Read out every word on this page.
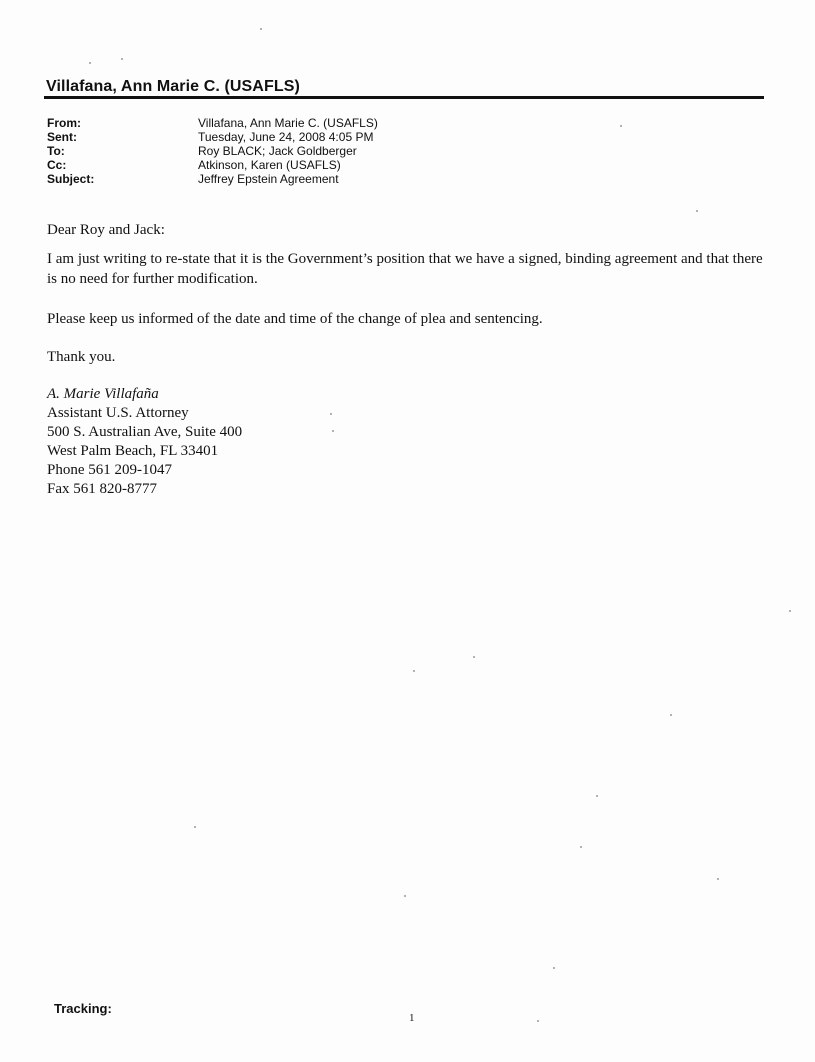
Villafana, Ann Marie C. (USAFLS)
From:	Villafana, Ann Marie C. (USAFLS)
Sent:	Tuesday, June 24, 2008 4:05 PM
To:	Roy BLACK; Jack Goldberger
Cc:	Atkinson, Karen (USAFLS)
Subject:	Jeffrey Epstein Agreement
Dear Roy and Jack:
I am just writing to re-state that it is the Government’s position that we have a signed, binding agreement and that there is no need for further modification.
Please keep us informed of the date and time of the change of plea and sentencing.
Thank you.
A. Marie Villafaña
Assistant U.S. Attorney
500 S. Australian Ave, Suite 400
West Palm Beach, FL 33401
Phone 561 209-1047
Fax 561 820-8777
Tracking:
1
